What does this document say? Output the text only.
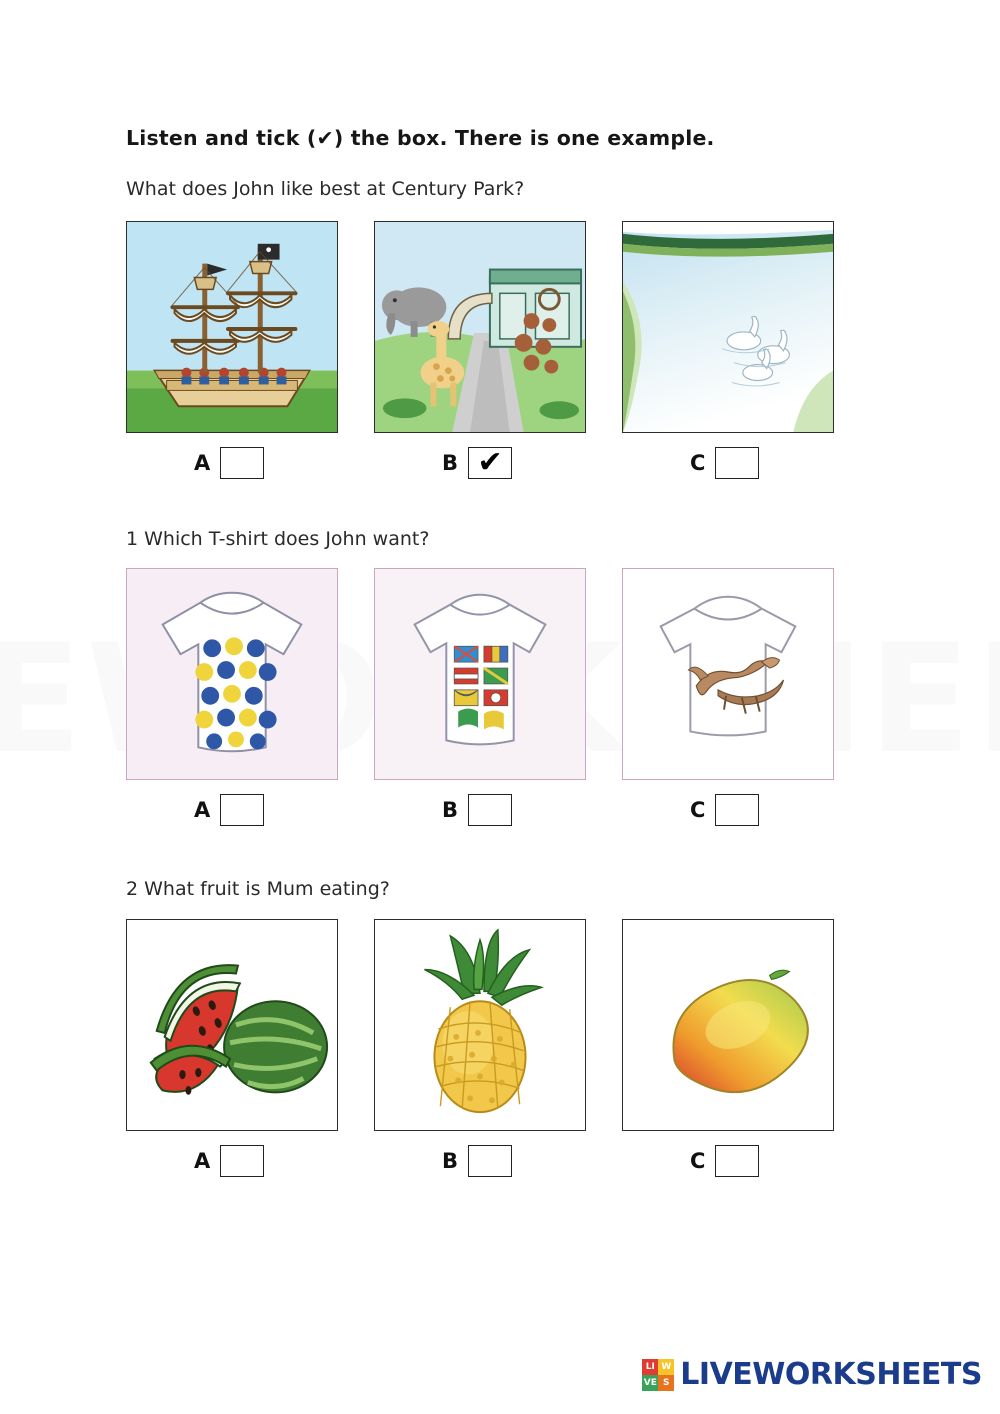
Listen and tick (✔) the box. There is one example.
What does John like best at Century Park?
A	B ✔	C
1 Which T-shirt does John want?
A	B	C
2 What fruit is Mum eating?
A	B	C
LI W
VE S LIVEWORKSHEETS
